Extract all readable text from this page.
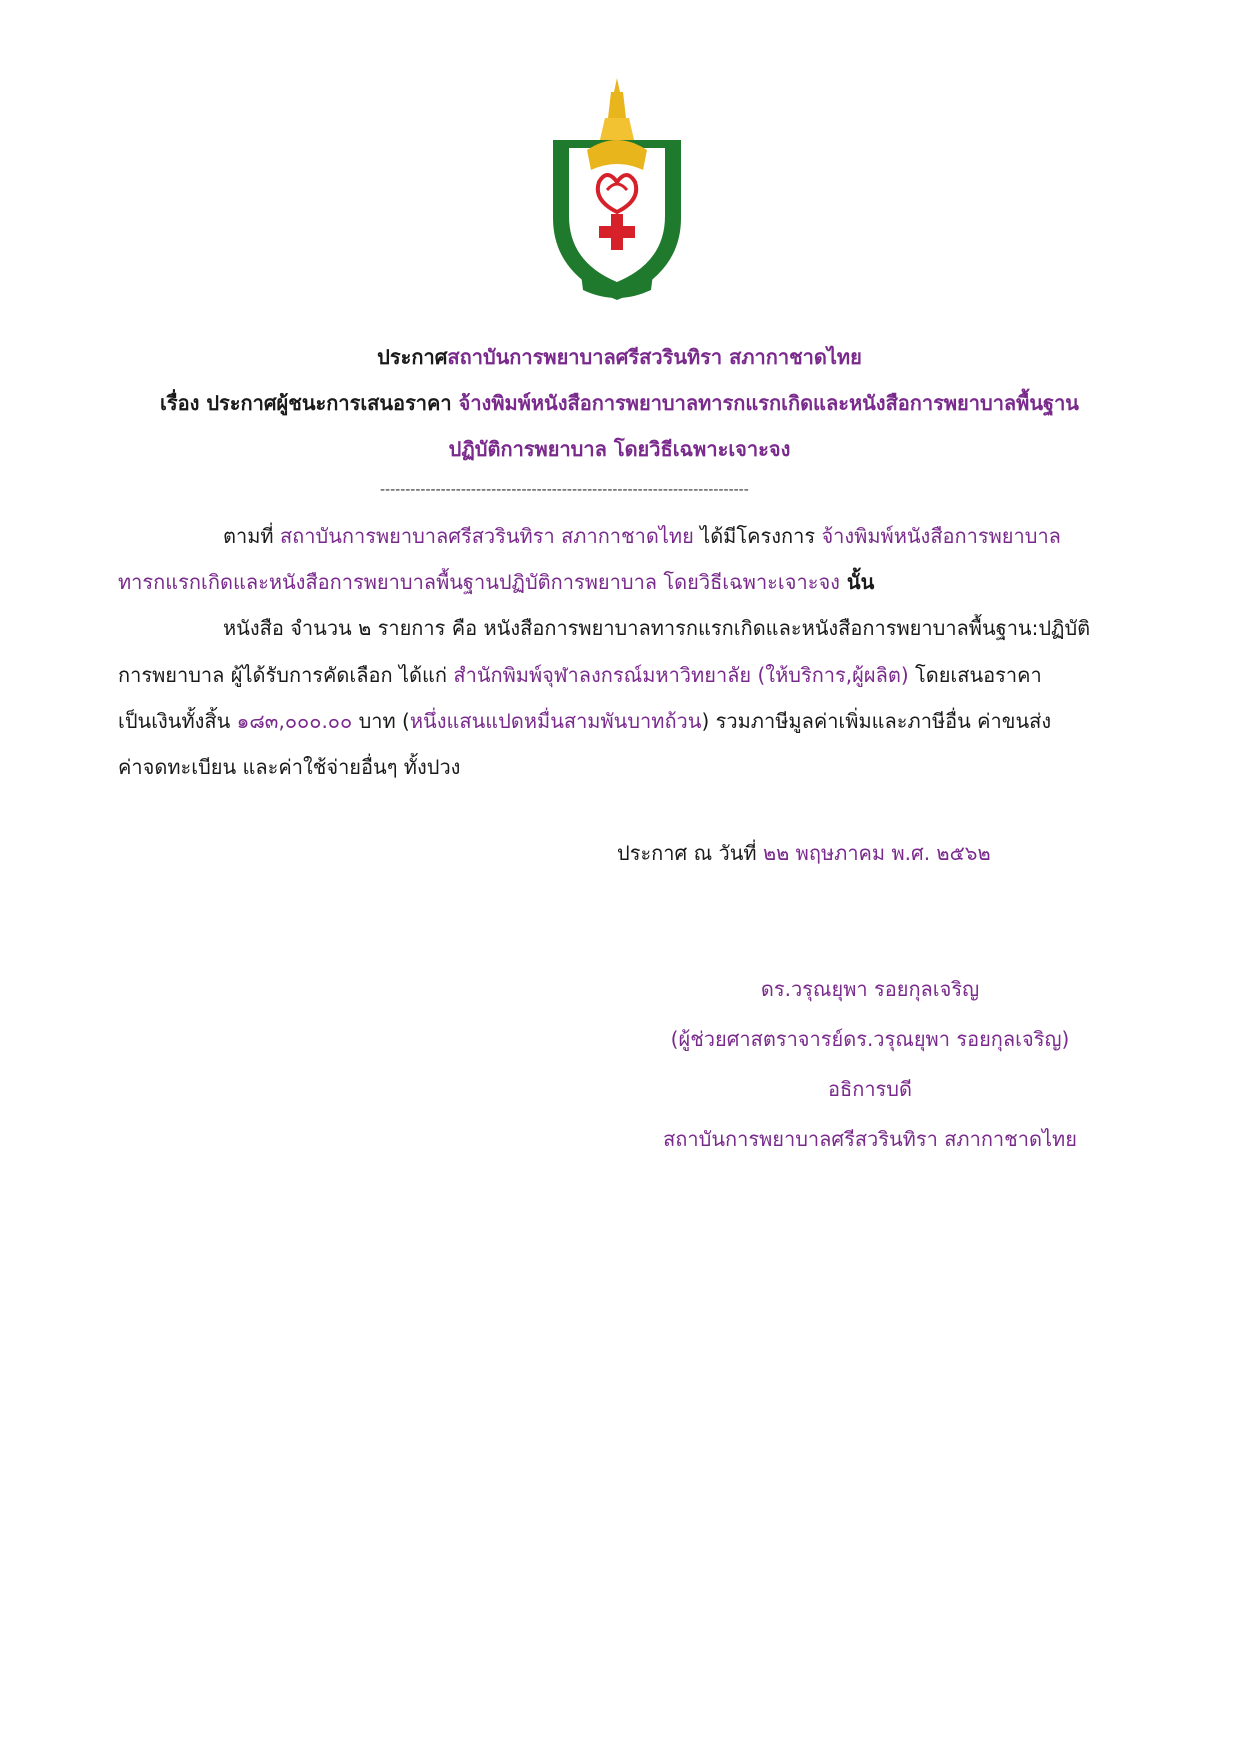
ประกาศสถาบันการพยาบาลศรีสวรินทิรา สภากาชาดไทย
เรื่อง ประกาศผู้ชนะการเสนอราคา จ้างพิมพ์หนังสือการพยาบาลทารกแรกเกิดและหนังสือการพยาบาลพื้นฐาน
ปฏิบัติการพยาบาล โดยวิธีเฉพาะเจาะจง
-------------------------------------------------------------------------
ตามที่ สถาบันการพยาบาลศรีสวรินทิรา สภากาชาดไทย ได้มีโครงการ จ้างพิมพ์หนังสือการพยาบาล
ทารกแรกเกิดและหนังสือการพยาบาลพื้นฐานปฏิบัติการพยาบาล โดยวิธีเฉพาะเจาะจง นั้น
หนังสือ จำนวน ๒ รายการ คือ หนังสือการพยาบาลทารกแรกเกิดและหนังสือการพยาบาลพื้นฐาน:ปฏิบัติ
การพยาบาล ผู้ได้รับการคัดเลือก ได้แก่ สำนักพิมพ์จุฬาลงกรณ์มหาวิทยาลัย (ให้บริการ,ผู้ผลิต) โดยเสนอราคา
เป็นเงินทั้งสิ้น ๑๘๓,๐๐๐.๐๐ บาท (หนึ่งแสนแปดหมื่นสามพันบาทถ้วน) รวมภาษีมูลค่าเพิ่มและภาษีอื่น ค่าขนส่ง
ค่าจดทะเบียน และค่าใช้จ่ายอื่นๆ ทั้งปวง
ประกาศ ณ วันที่ ๒๒ พฤษภาคม พ.ศ. ๒๕๖๒
ดร.วรุณยุพา รอยกุลเจริญ
(ผู้ช่วยศาสตราจารย์ดร.วรุณยุพา รอยกุลเจริญ)
อธิการบดี
สถาบันการพยาบาลศรีสวรินทิรา สภากาชาดไทย
